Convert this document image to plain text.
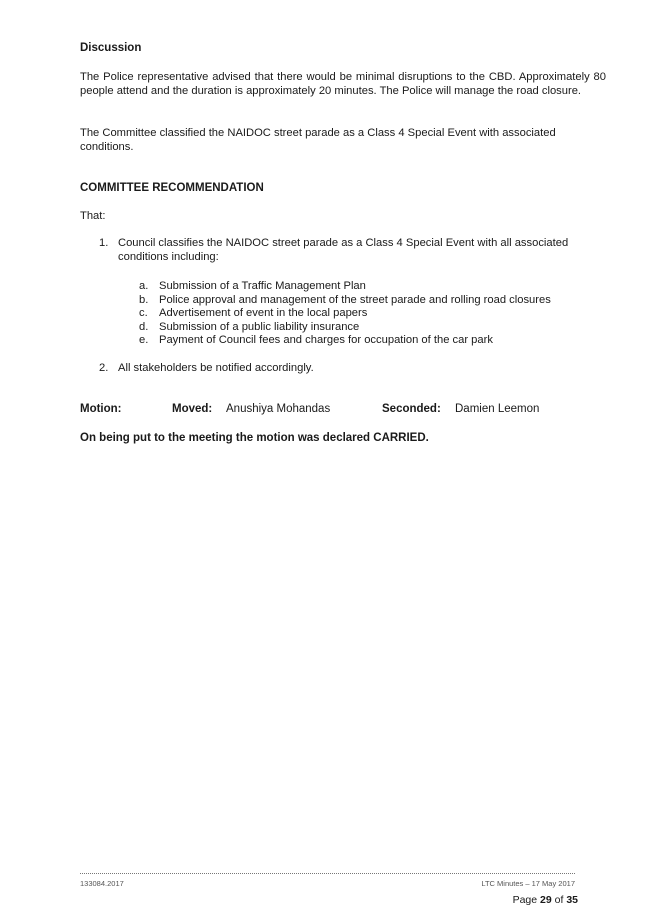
Discussion

The Police representative advised that there would be minimal disruptions to the CBD. Approximately 80 people attend and the duration is approximately 20 minutes. The Police will manage the road closure.

The Committee classified the NAIDOC street parade as a Class 4 Special Event with associated conditions.

COMMITTEE RECOMMENDATION
That:
1. Council classifies the NAIDOC street parade as a Class 4 Special Event with all associated conditions including:
a. Submission of a Traffic Management Plan
b. Police approval and management of the street parade and rolling road closures
c. Advertisement of event in the local papers
d. Submission of a public liability insurance
e. Payment of Council fees and charges for occupation of the car park
2. All stakeholders be notified accordingly.
Motion:	Moved: Anushiya Mohandas	Seconded: Damien Leemon
On being put to the meeting the motion was declared CARRIED.
133084.2017	LTC Minutes – 17 May 2017
Page 29 of 35
